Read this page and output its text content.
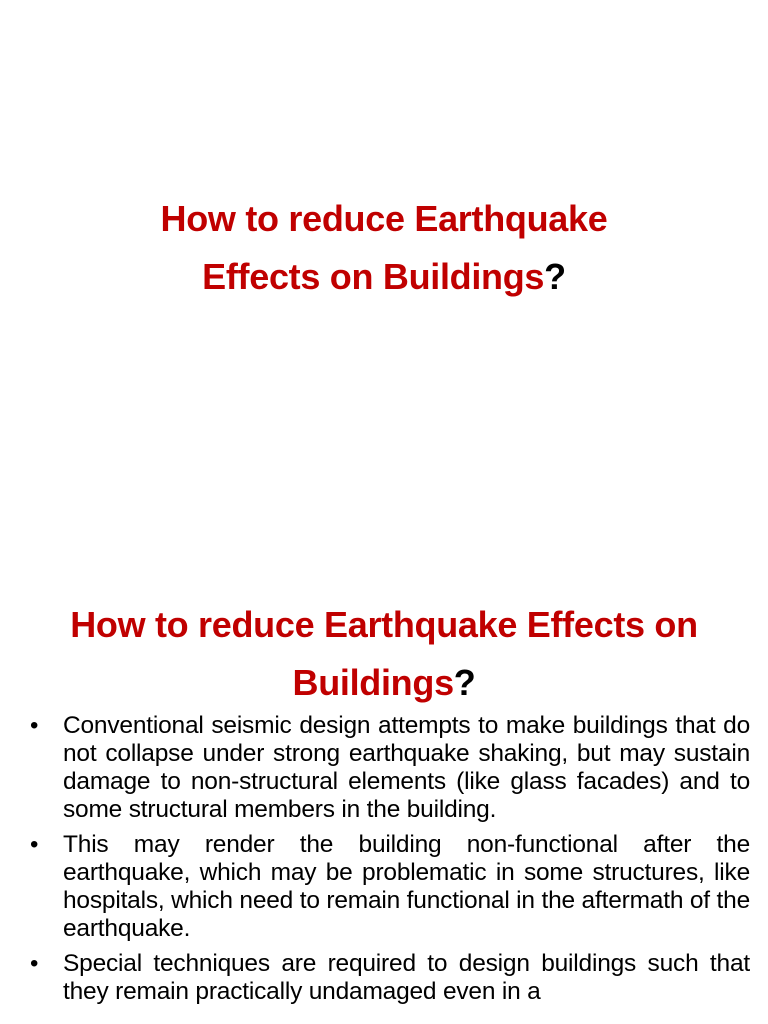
How to reduce Earthquake
Effects on Buildings?
How to reduce Earthquake Effects on
Buildings?
• Conventional seismic design attempts to make buildings that do not collapse under strong earthquake shaking, but may sustain damage to non-structural elements (like glass facades) and to some structural members in the building.
• This may render the building non-functional after the earthquake, which may be problematic in some structures, like hospitals, which need to remain functional in the aftermath of the earthquake.
• Special techniques are required to design buildings such that they remain practically undamaged even in a
